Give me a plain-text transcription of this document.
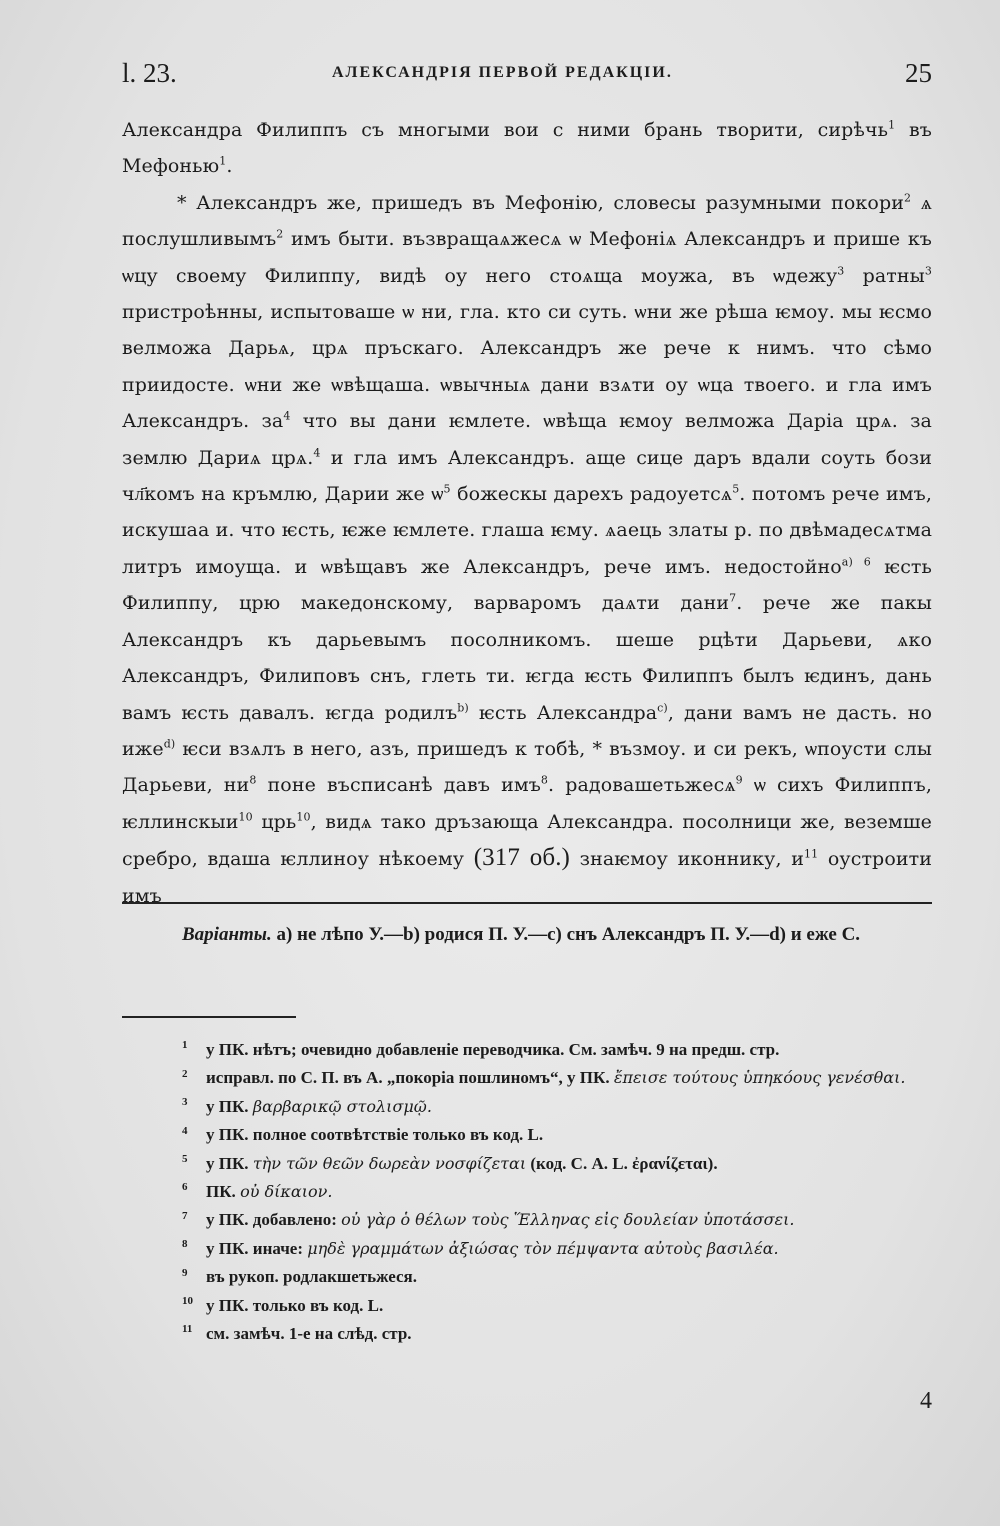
l. 23.	АЛЕКСАНДРІЯ ПЕРВОЙ РЕДАКЦІИ.	25

Александра Филиппъ съ многыми вои с ними брань творити, сирѣчь$^1$ въ Мефонью$^1$.

* Александръ же, пришедъ въ Мефонію, словесы разумными покори$^2$ ѧ послушливымъ$^2$ имъ быти. възвращаѧжесѧ ѡ Мефоніѧ Александръ и прише къ ѡцу своему Филиппу, видѣ оу него стоѧща моужа, въ ѡдежу$^3$ ратны$^3$ пристроѣнны, испытоваше ѡ ни, гла. кто си суть. ѡни же рѣша ѥмоу. мы ѥсмо велможа Дарьѧ, црѧ пръскаго. Александръ же рече к нимъ. что сѣмо приидосте. ѡни же ѡвѣщаша. ѡвычныѧ дани взѧти оу ѡца твоего. и гла имъ Александръ. $за^4$ что вы дани ѥмлете. ѡвѣща ѥмоу велможа Даріа црѧ. за землю Дариѧ црѧ.$^4$ и гла имъ Александръ. аще сице даръ вдали соуть бози чл҃комъ на кръмлю, Дарии же $ѡ^5$ божескы дарехъ радоуетсѧ$^5$. потомъ рече имъ, искушаа и. что ѥсть, ѥже ѥмлете. глаша ѥму. ѧаець златы р. по двѣмадесѧтма литръ имоуща. и ѡвѣщавъ же Александръ, рече имъ. недостойно$^{a) 6}$ ѥсть Филиппу, црю македонскому, варваромъ даѧти дани$^7$. рече же пакы Александръ къ дарьевымъ посолникомъ. шеше рцѣти Дарьеви, ѧко Александръ, Филиповъ снъ, глеть ти. ѥгда ѥсть Филиппъ былъ ѥдинъ, дань вамъ ѥсть давалъ. ѥгда родилъ$^{b)}$ ѥсть Александра$^{c)}$, дани вамъ не дасть. но иже$^{d)}$ ѥси взѧлъ в него, азъ, пришедъ к тобѣ, * възмоу. и си рекъ, ѡпоусти слы Дарьеви, $ни^8$ поне въсписанѣ давъ имъ$^8$. радовашетьжесѧ$^9$ ѡ сихъ Филиппъ, ѥллинскыи$^{10}$ црь$^{10}$, видѧ тако дръзающа Александра. посолници же, веземше сребро, вдаша ѥллиноу нѣкоему (317 об.) знаѥмоу иконнику, $и^{11}$ оустроити имъ

Варіанты. a) не лѣпо У.—b) родися П. У.—c) снъ Александръ П. У.—d) и еже С.
1 у ПК. нѣтъ; очевидно добавленіе переводчика. См. замѣч. 9 на предш. стр.
2 исправл. по С. П. въ А. „покоріа пошлиномъ“, у ПК. ἔπεισε τούτους ὑπηκόους γενέσθαι.
3 у ПК. βαρβαρικῷ στολισμῷ.
4 у ПК. полное соотвѣтствіе только въ код. L.
5 у ПК. τὴν τῶν θεῶν δωρεὰν νοσφίζεται (код. С. А. L. ἐρανίζεται).
6 ПК. οὐ δίκαιον.
7 у ПК. добавлено: οὐ γὰρ ὁ θέλων τοὺς Ἕλληνας εἰς δουλείαν ὑποτάσσει.
8 у ПК. иначе: μηδὲ γραμμάτων ἀξιώσας τὸν πέμψαντα αὐτοὺς βασιλέα.
9 въ рукоп. родлакшетьжеся.
10 у ПК. только въ код. L.
11 см. замѣч. 1-е на слѣд. стр.
4
